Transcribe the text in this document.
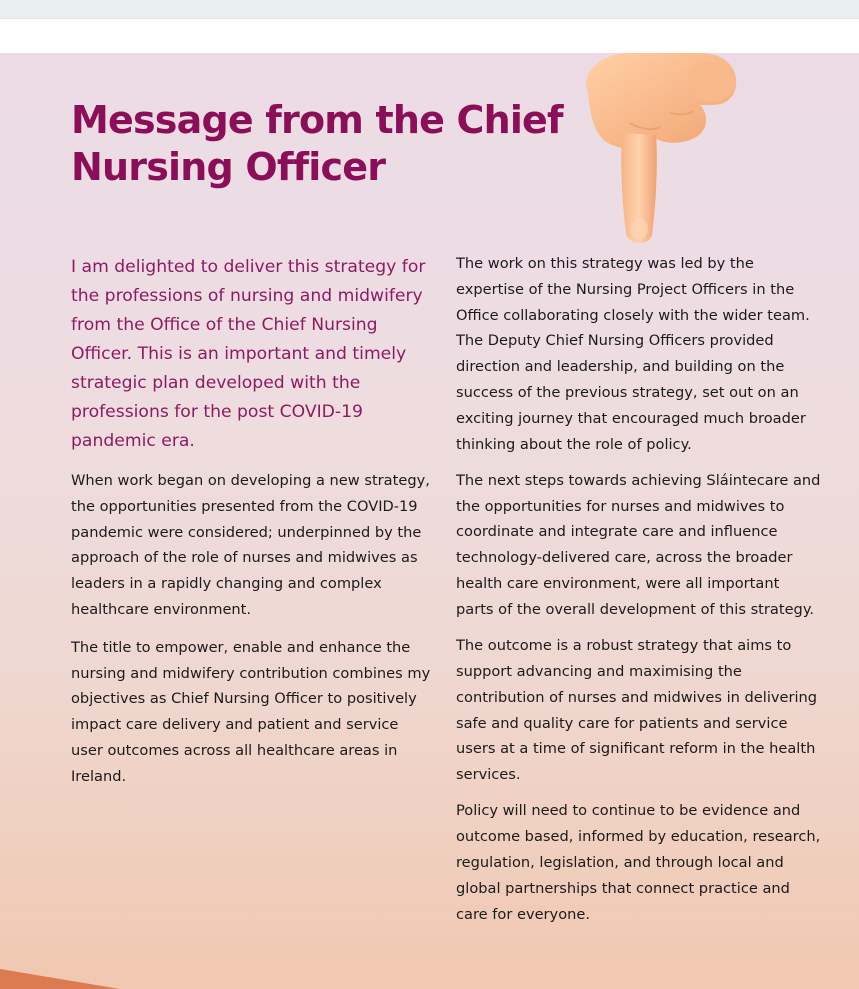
Message from the Chief Nursing Officer

I am delighted to deliver this strategy for the professions of nursing and midwifery from the Office of the Chief Nursing Officer. This is an important and timely strategic plan developed with the professions for the post COVID-19 pandemic era.

When work began on developing a new strategy, the opportunities presented from the COVID-19 pandemic were considered; underpinned by the approach of the role of nurses and midwives as leaders in a rapidly changing and complex healthcare environment.

The title to empower, enable and enhance the nursing and midwifery contribution combines my objectives as Chief Nursing Officer to positively impact care delivery and patient and service user outcomes across all healthcare areas in Ireland.

The work on this strategy was led by the expertise of the Nursing Project Officers in the Office collaborating closely with the wider team. The Deputy Chief Nursing Officers provided direction and leadership, and building on the success of the previous strategy, set out on an exciting journey that encouraged much broader thinking about the role of policy.

The next steps towards achieving Sláintecare and the opportunities for nurses and midwives to coordinate and integrate care and influence technology-delivered care, across the broader health care environment, were all important parts of the overall development of this strategy.

The outcome is a robust strategy that aims to support advancing and maximising the contribution of nurses and midwives in delivering safe and quality care for patients and service users at a time of significant reform in the health services.

Policy will need to continue to be evidence and outcome based, informed by education, research, regulation, legislation, and through local and global partnerships that connect practice and care for everyone.
